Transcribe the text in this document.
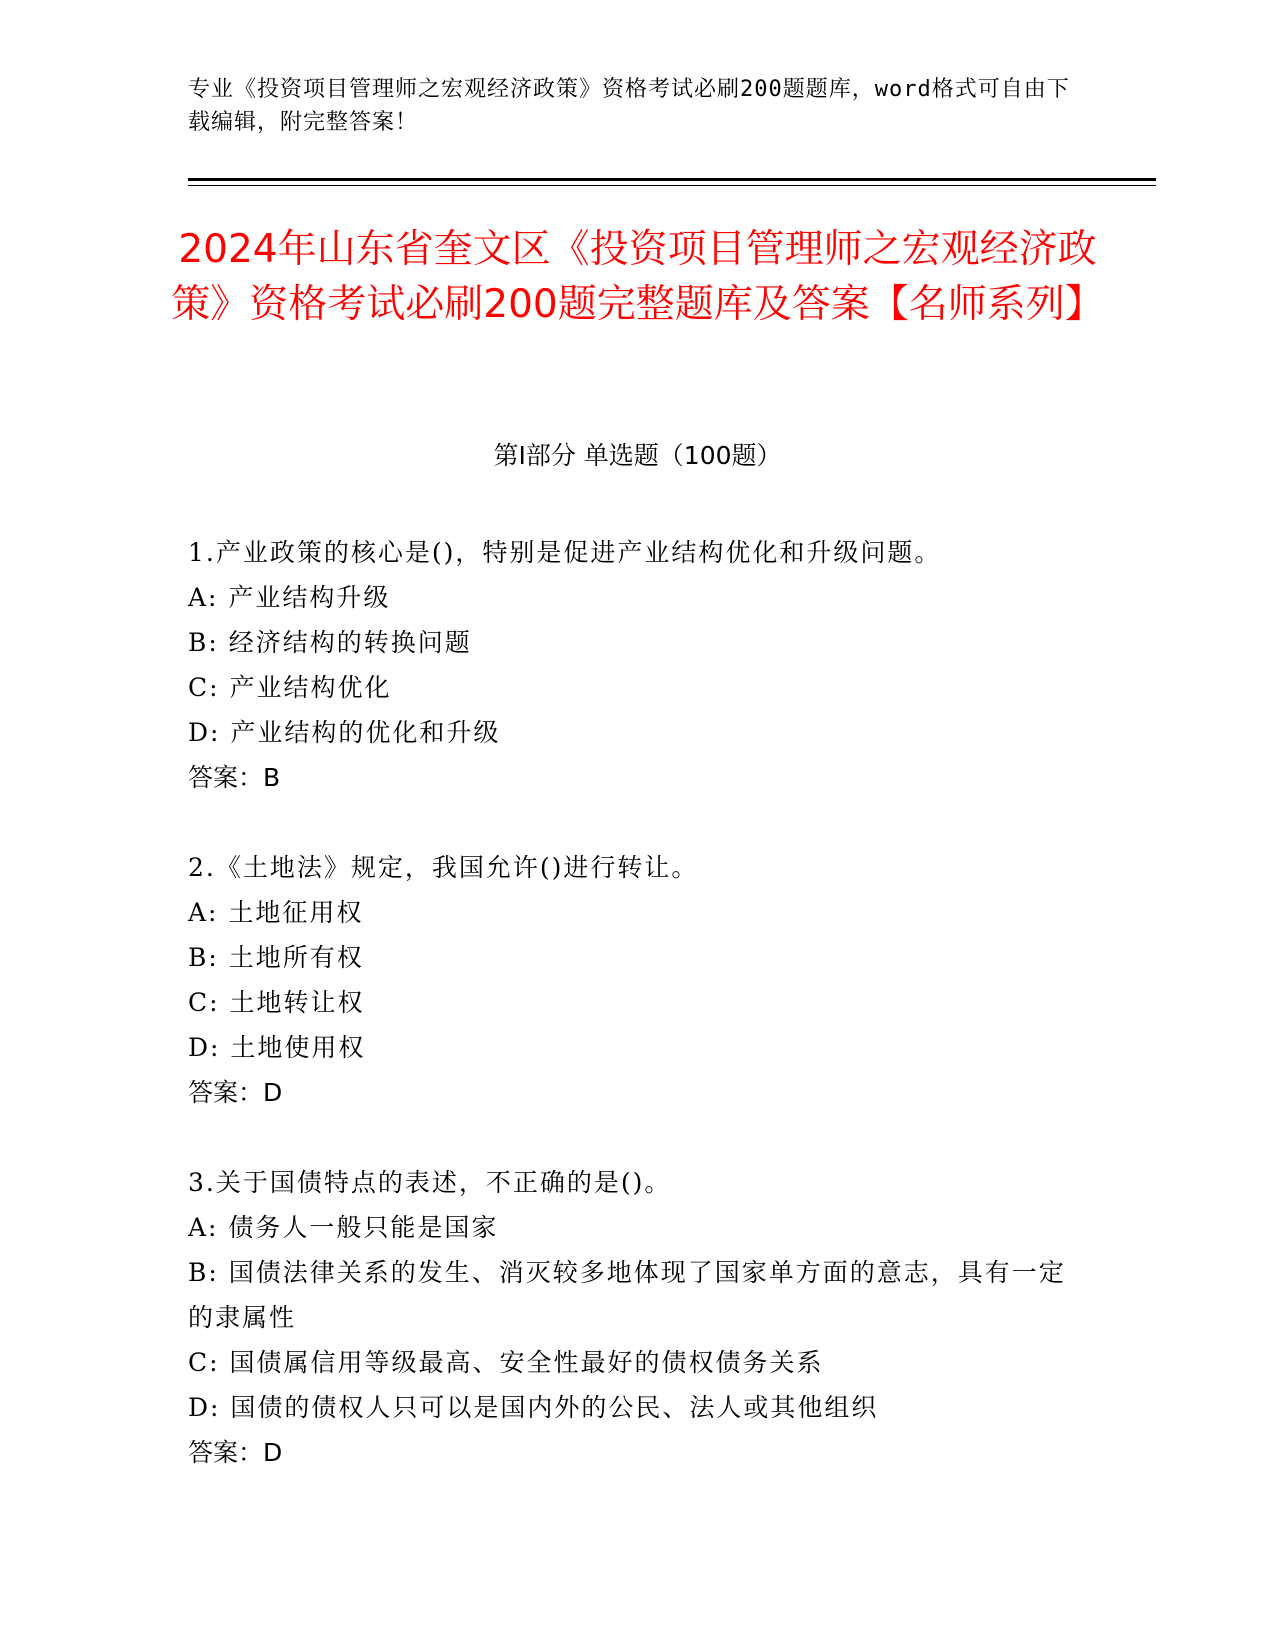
专业《投资项目管理师之宏观经济政策》资格考试必刷200题题库，word格式可自由下载编辑，附完整答案！
2024年山东省奎文区《投资项目管理师之宏观经济政策》资格考试必刷200题完整题库及答案【名师系列】
第I部分 单选题（100题）
1.产业政策的核心是()，特别是促进产业结构优化和升级问题。
A: 产业结构升级
B: 经济结构的转换问题
C: 产业结构优化
D: 产业结构的优化和升级
答案：B
2.《土地法》规定，我国允许()进行转让。
A: 土地征用权
B: 土地所有权
C: 土地转让权
D: 土地使用权
答案：D
3.关于国债特点的表述，不正确的是()。
A: 债务人一般只能是国家
B: 国债法律关系的发生、消灭较多地体现了国家单方面的意志，具有一定的隶属性
C: 国债属信用等级最高、安全性最好的债权债务关系
D: 国债的债权人只可以是国内外的公民、法人或其他组织
答案：D
